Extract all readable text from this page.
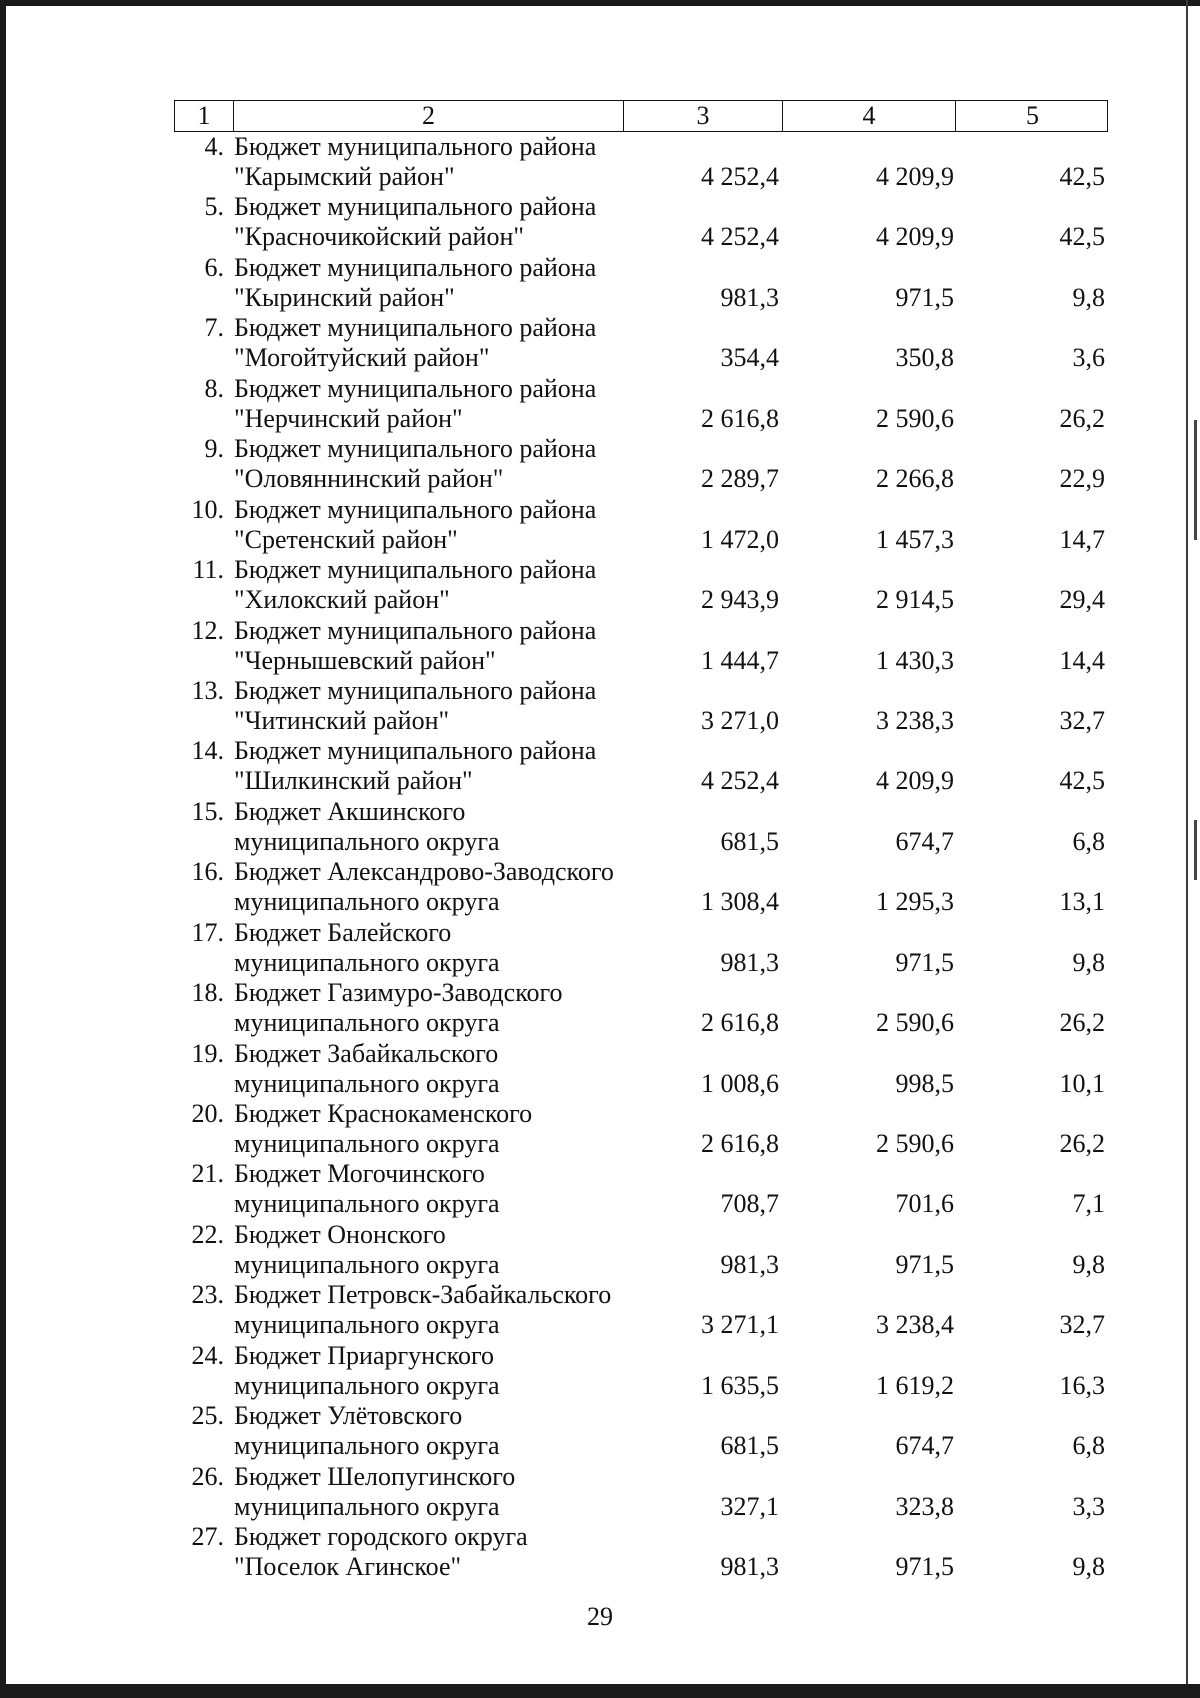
1	2	3	4	5
4. Бюджет муниципального района
"Карымский район"	4 252,4	4 209,9	42,5
5. Бюджет муниципального района
"Красночикойский район"	4 252,4	4 209,9	42,5
6. Бюджет муниципального района
"Кыринский район"	981,3	971,5	9,8
7. Бюджет муниципального района
"Могойтуйский район"	354,4	350,8	3,6
8. Бюджет муниципального района
"Нерчинский район"	2 616,8	2 590,6	26,2
9. Бюджет муниципального района
"Оловяннинский район"	2 289,7	2 266,8	22,9
10. Бюджет муниципального района
"Сретенский район"	1 472,0	1 457,3	14,7
11. Бюджет муниципального района
"Хилокский район"	2 943,9	2 914,5	29,4
12. Бюджет муниципального района
"Чернышевский район"	1 444,7	1 430,3	14,4
13. Бюджет муниципального района
"Читинский район"	3 271,0	3 238,3	32,7
14. Бюджет муниципального района
"Шилкинский район"	4 252,4	4 209,9	42,5
15. Бюджет Акшинского
муниципального округа	681,5	674,7	6,8
16. Бюджет Александрово-Заводского
муниципального округа	1 308,4	1 295,3	13,1
17. Бюджет Балейского
муниципального округа	981,3	971,5	9,8
18. Бюджет Газимуро-Заводского
муниципального округа	2 616,8	2 590,6	26,2
19. Бюджет Забайкальского
муниципального округа	1 008,6	998,5	10,1
20. Бюджет Краснокаменского
муниципального округа	2 616,8	2 590,6	26,2
21. Бюджет Могочинского
муниципального округа	708,7	701,6	7,1
22. Бюджет Ононского
муниципального округа	981,3	971,5	9,8
23. Бюджет Петровск-Забайкальского
муниципального округа	3 271,1	3 238,4	32,7
24. Бюджет Приаргунского
муниципального округа	1 635,5	1 619,2	16,3
25. Бюджет Улётовского
муниципального округа	681,5	674,7	6,8
26. Бюджет Шелопугинского
муниципального округа	327,1	323,8	3,3
27. Бюджет городского округа
"Поселок Агинское"	981,3	971,5	9,8
29
